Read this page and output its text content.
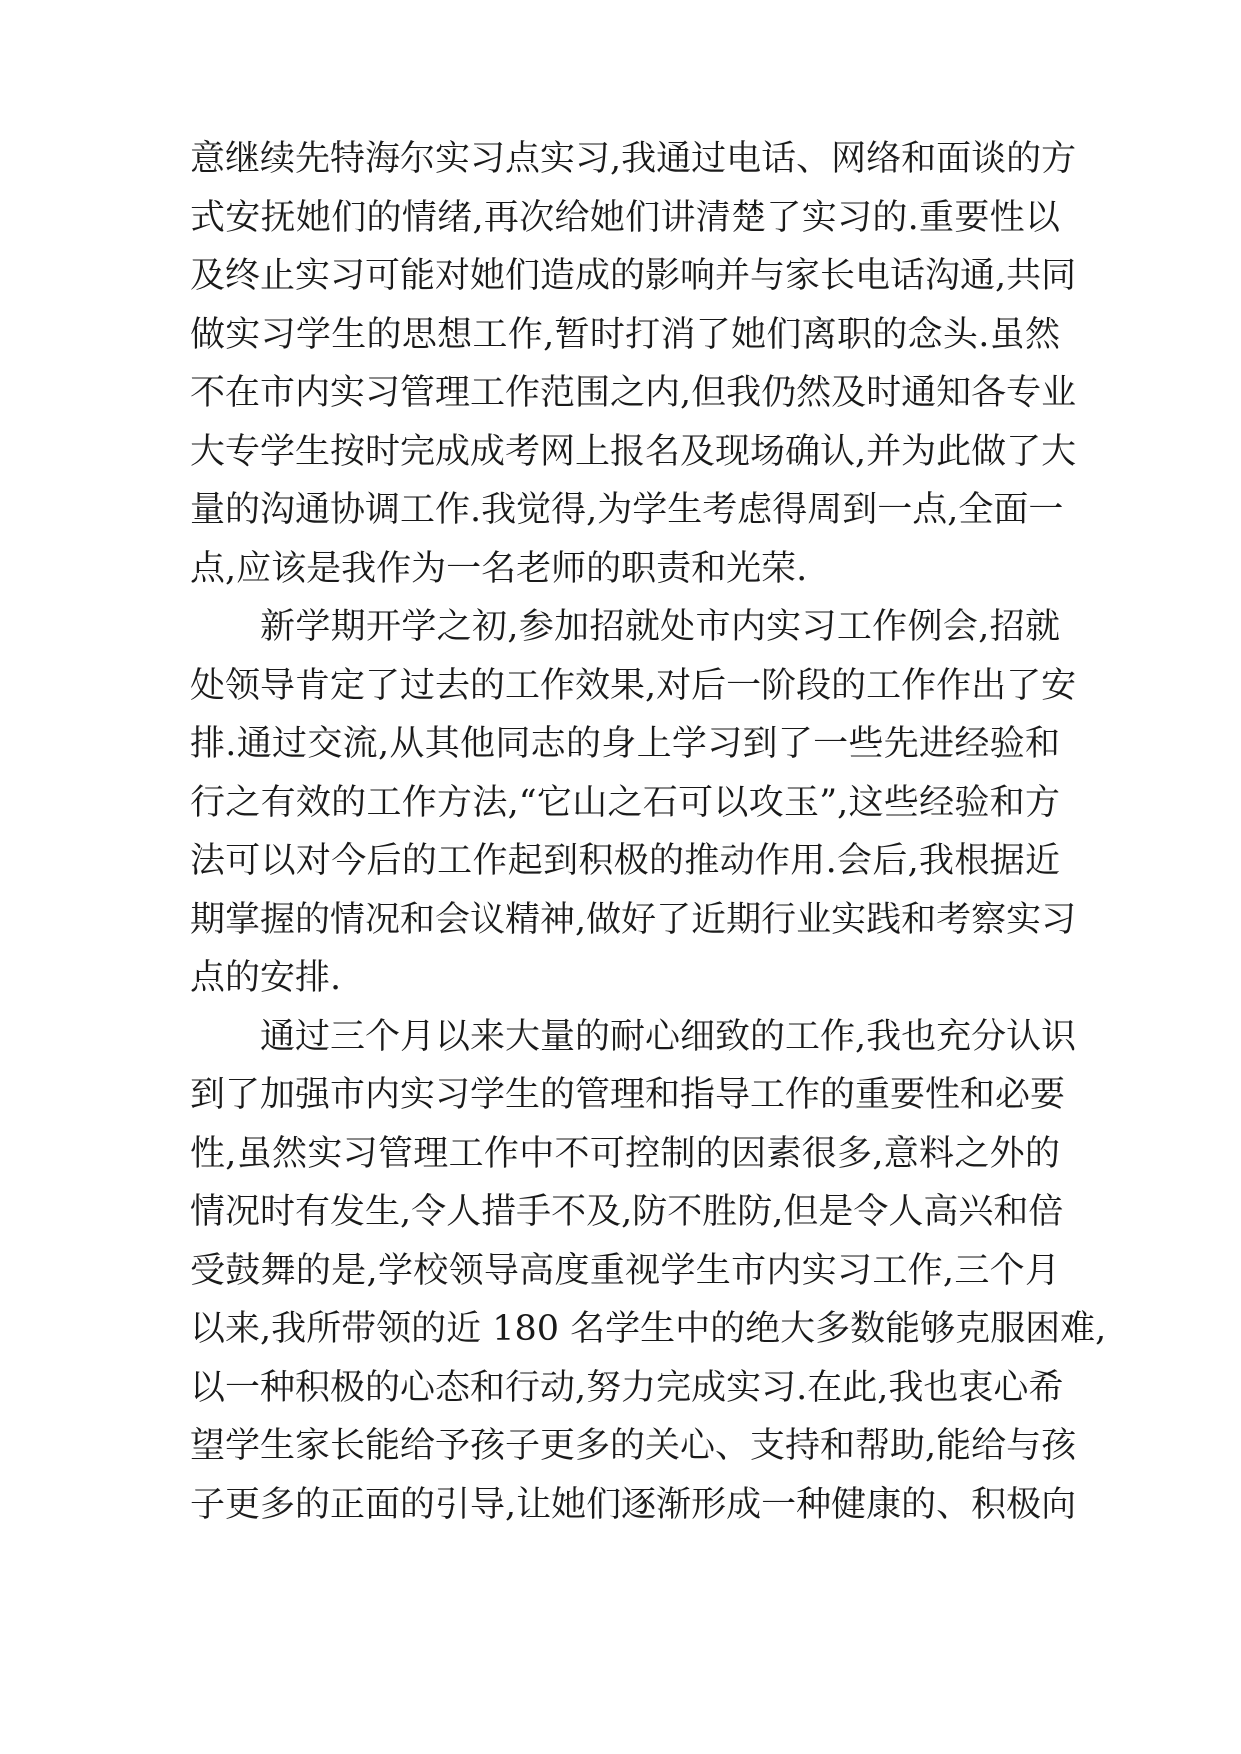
意继续先特海尔实习点实习,我通过电话、网络和面谈的方
式安抚她们的情绪,再次给她们讲清楚了实习的.重要性以
及终止实习可能对她们造成的影响并与家长电话沟通,共同
做实习学生的思想工作,暂时打消了她们离职的念头.虽然
不在市内实习管理工作范围之内,但我仍然及时通知各专业
大专学生按时完成成考网上报名及现场确认,并为此做了大
量的沟通协调工作.我觉得,为学生考虑得周到一点,全面一
点,应该是我作为一名老师的职责和光荣.
新学期开学之初,参加招就处市内实习工作例会,招就
处领导肯定了过去的工作效果,对后一阶段的工作作出了安
排.通过交流,从其他同志的身上学习到了一些先进经验和
行之有效的工作方法,“它山之石可以攻玉”,这些经验和方
法可以对今后的工作起到积极的推动作用.会后,我根据近
期掌握的情况和会议精神,做好了近期行业实践和考察实习
点的安排.
通过三个月以来大量的耐心细致的工作,我也充分认识
到了加强市内实习学生的管理和指导工作的重要性和必要
性,虽然实习管理工作中不可控制的因素很多,意料之外的
情况时有发生,令人措手不及,防不胜防,但是令人高兴和倍
受鼓舞的是,学校领导高度重视学生市内实习工作,三个月
以来,我所带领的近 180 名学生中的绝大多数能够克服困难,
以一种积极的心态和行动,努力完成实习.在此,我也衷心希
望学生家长能给予孩子更多的关心、支持和帮助,能给与孩
子更多的正面的引导,让她们逐渐形成一种健康的、积极向
